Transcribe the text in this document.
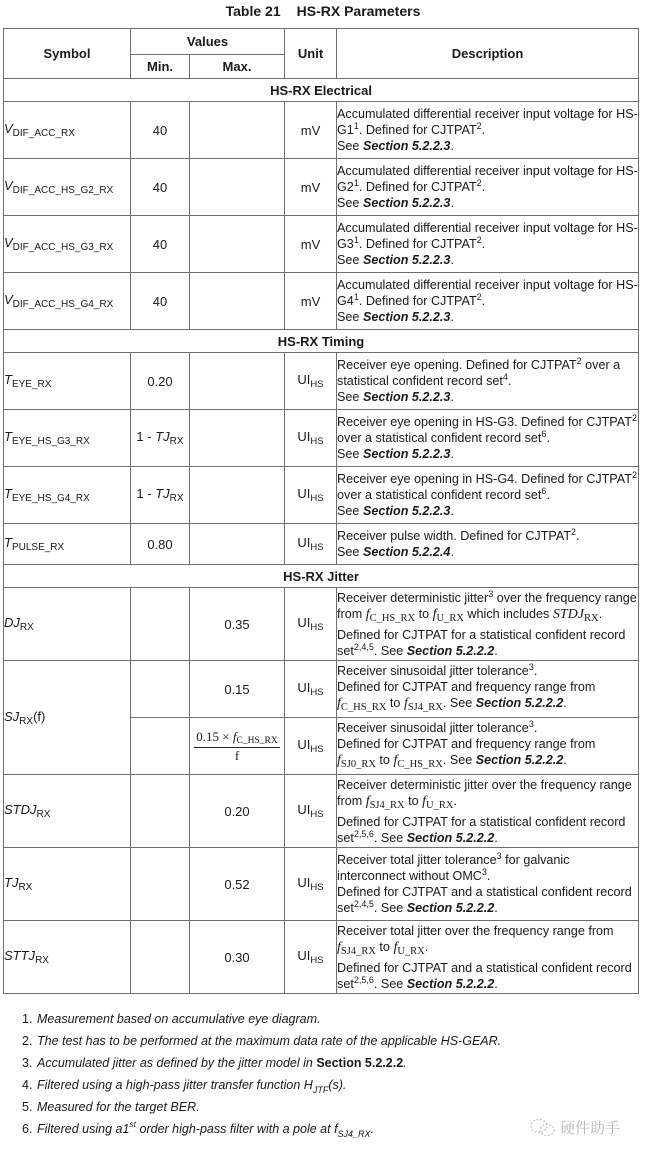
Table 21 HS-RX Parameters
Symbol	Values		Unit	Description
	Min.	Max.		
HS-RX Electrical				
$V_{DIF\_ACC\_RX}$	40		mV	Accumulated differential receiver input voltage for $HS-G1^1$. Defined for CJTPAT$^2$.
See Section 5.2.2.3.
$V_{DIF\_ACC\_HS\_G2\_RX}$	40		mV	Accumulated differential receiver input voltage for $HS-G2^1$. Defined for CJTPAT$^2$.
See Section 5.2.2.3.
$V_{DIF\_ACC\_HS\_G3\_RX}$	40		mV	Accumulated differential receiver input voltage for $HS-G3^1$. Defined for CJTPAT$^2$.
See Section 5.2.2.3.
$V_{DIF\_ACC\_HS\_G4\_RX}$	40		mV	Accumulated differential receiver input voltage for $HS-G4^1$. Defined for CJTPAT$^2$.
See Section 5.2.2.3.
HS-RX Timing				
$T_{EYE\_RX}$	0.20		$UI_{HS}$	Receiver eye opening. Defined for CJTPAT$^2$ over a statistical confident record set$^4$.
See Section 5.2.2.3.
$T_{EYE\_HS\_G3\_RX}$	$1 - TJ_{RX}$		$UI_{HS}$	Receiver eye opening in HS-G3. Defined for CJTPAT$^2$ over a statistical confident record set$^6$.
See Section 5.2.2.3.
$T_{EYE\_HS\_G4\_RX}$	$1 - TJ_{RX}$		$UI_{HS}$	Receiver eye opening in HS-G4. Defined for CJTPAT$^2$ over a statistical confident record set$^6$.
See Section 5.2.2.3.
$T_{PULSE\_RX}$	0.80		$UI_{HS}$	Receiver pulse width. Defined for CJTPAT$^2$.
See Section 5.2.2.4.
HS-RX Jitter				
$DJ_{RX}$		0.35	$UI_{HS}$	Receiver deterministic jitter$^3$ over the frequency range from $f_{C\_HS\_RX}$ to $f_{U\_RX}$ which includes $STDJ_{RX}$. Defined for CJTPAT for a statistical confident record set$^{2,4,5}$. See Section 5.2.2.2.
$SJ_{RX}(f)$		0.15	$UI_{HS}$	Receiver sinusoidal jitter tolerance$^3$.
Defined for CJTPAT and frequency range from
$f_{C\_HS\_RX}$ to $f_{SJ4\_RX}$. See Section 5.2.2.2.

		$\frac{0.15 \times f_{C\_HS\_RX}}{f}$	$UI_{HS}$	Receiver sinusoidal jitter tolerance$^3$.
Defined for CJTPAT and frequency range from
$f_{SJ0\_RX}$ to $f_{C\_HS\_RX}$. See Section 5.2.2.2.
$STDJ_{RX}$		0.20	$UI_{HS}$	Receiver deterministic jitter over the frequency range from $f_{SJ4\_RX}$ to $f_{U\_RX}$.
Defined for CJTPAT for a statistical confident record set$^{2,5,6}$. See Section 5.2.2.2.
$TJ_{RX}$		0.52	$UI_{HS}$	Receiver total jitter tolerance$^3$ for galvanic interconnect without OMC$^3$.
Defined for CJTPAT and a statistical confident record set$^{2,4,5}$. See Section 5.2.2.2.
$STTJ_{RX}$		0.30	$UI_{HS}$	Receiver total jitter over the frequency range from $f_{SJ4\_RX}$ to $f_{U\_RX}$.
Defined for CJTPAT and a statistical confident record set$^{2,5,6}$. See Section 5.2.2.2.
1. Measurement based on accumulative eye diagram.
2. The test has to be performed at the maximum data rate of the applicable HS-GEAR.
3. Accumulated jitter as defined by the jitter model in Section 5.2.2.2.
4. Filtered using a high-pass jitter transfer function $H_{JTF}(s)$.
5. Measured for the target BER.
6. Filtered using a1st order high-pass filter with a pole at $f_{SJ4\_RX}$.	硬件助手
